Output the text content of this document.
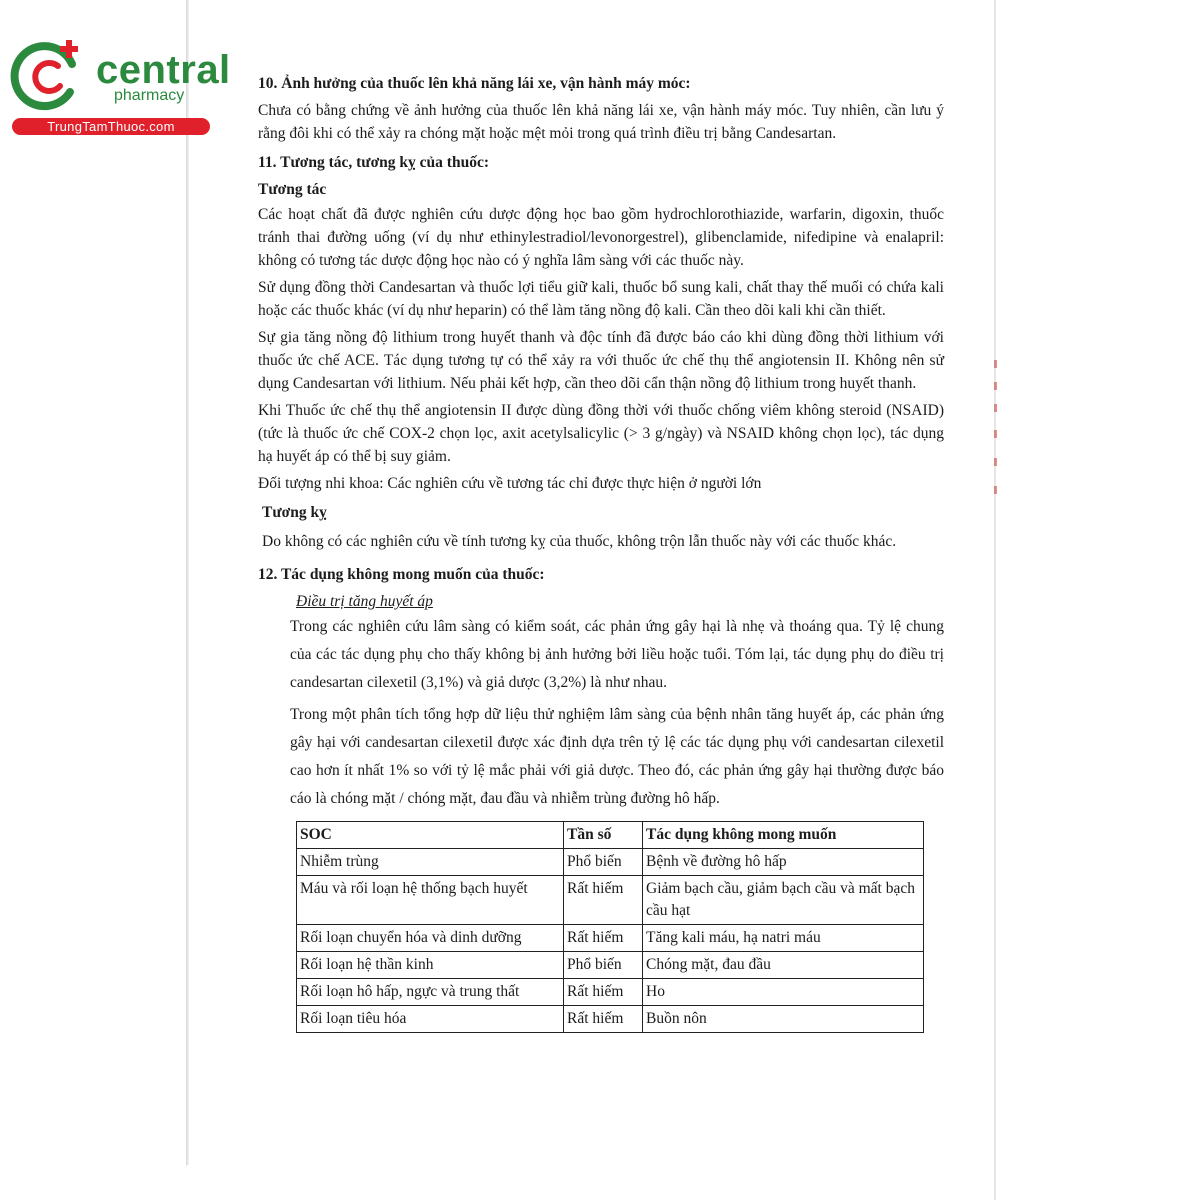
central
pharmacy
TrungTamThuoc.com
10. Ảnh hưởng của thuốc lên khả năng lái xe, vận hành máy móc:

Chưa có bằng chứng về ảnh hưởng của thuốc lên khả năng lái xe, vận hành máy móc. Tuy nhiên, cần lưu ý rằng đôi khi có thể xảy ra chóng mặt hoặc mệt mỏi trong quá trình điều trị bằng Candesartan.

11. Tương tác, tương kỵ của thuốc:
Tương tác

Các hoạt chất đã được nghiên cứu dược động học bao gồm hydrochlorothiazide, warfarin, digoxin, thuốc tránh thai đường uống (ví dụ như ethinylestradiol/levonorgestrel), glibenclamide, nifedipine và enalapril: không có tương tác dược động học nào có ý nghĩa lâm sàng với các thuốc này.

Sử dụng đồng thời Candesartan và thuốc lợi tiểu giữ kali, thuốc bổ sung kali, chất thay thế muối có chứa kali hoặc các thuốc khác (ví dụ như heparin) có thể làm tăng nồng độ kali. Cần theo dõi kali khi cần thiết.

Sự gia tăng nồng độ lithium trong huyết thanh và độc tính đã được báo cáo khi dùng đồng thời lithium với thuốc ức chế ACE. Tác dụng tương tự có thể xảy ra với thuốc ức chế thụ thể angiotensin II. Không nên sử dụng Candesartan với lithium. Nếu phải kết hợp, cần theo dõi cẩn thận nồng độ lithium trong huyết thanh.

Khi Thuốc ức chế thụ thể angiotensin II được dùng đồng thời với thuốc chống viêm không steroid (NSAID) (tức là thuốc ức chế COX-2 chọn lọc, axit acetylsalicylic (> 3 g/ngày) và NSAID không chọn lọc), tác dụng hạ huyết áp có thể bị suy giảm.

Đối tượng nhi khoa: Các nghiên cứu về tương tác chỉ được thực hiện ở người lớn

Tương kỵ

Do không có các nghiên cứu về tính tương kỵ của thuốc, không trộn lẫn thuốc này với các thuốc khác.

12. Tác dụng không mong muốn của thuốc:
Điều trị tăng huyết áp

Trong các nghiên cứu lâm sàng có kiểm soát, các phản ứng gây hại là nhẹ và thoáng qua. Tỷ lệ chung của các tác dụng phụ cho thấy không bị ảnh hưởng bởi liều hoặc tuổi. Tóm lại, tác dụng phụ do điều trị candesartan cilexetil (3,1%) và giả dược (3,2%) là như nhau.

Trong một phân tích tổng hợp dữ liệu thử nghiệm lâm sàng của bệnh nhân tăng huyết áp, các phản ứng gây hại với candesartan cilexetil được xác định dựa trên tỷ lệ các tác dụng phụ với candesartan cilexetil cao hơn ít nhất 1% so với tỷ lệ mắc phải với giả dược. Theo đó, các phản ứng gây hại thường được báo cáo là chóng mặt / chóng mặt, đau đầu và nhiễm trùng đường hô hấp.

SOC	Tần số	Tác dụng không mong muốn
Nhiễm trùng	Phổ biến	Bệnh về đường hô hấp
Máu và rối loạn hệ thống bạch huyết	Rất hiếm	Giảm bạch cầu, giảm bạch cầu và mất bạch cầu hạt
Rối loạn chuyển hóa và dinh dưỡng	Rất hiếm	Tăng kali máu, hạ natri máu
Rối loạn hệ thần kinh	Phổ biến	Chóng mặt, đau đầu
Rối loạn hô hấp, ngực và trung thất	Rất hiếm	Ho
Rối loạn tiêu hóa	Rất hiếm	Buồn nôn
